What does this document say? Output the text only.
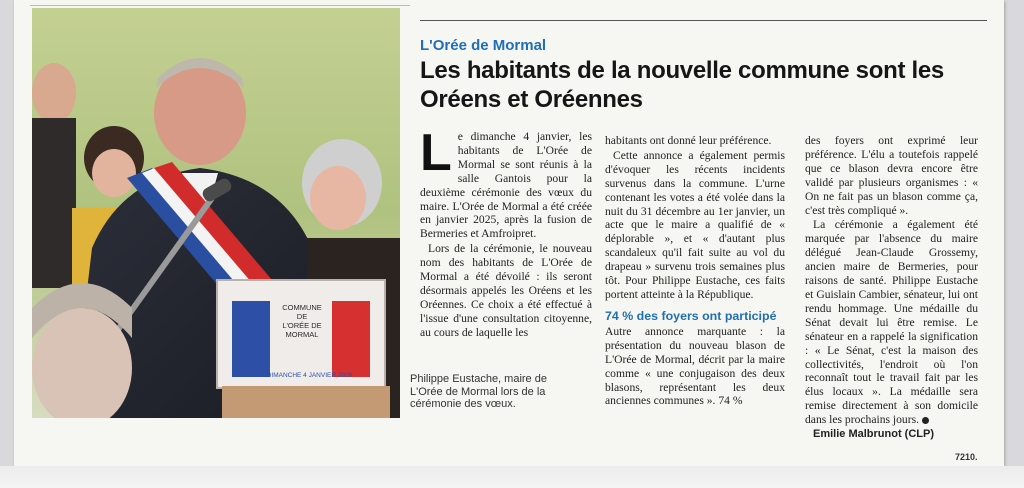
COMMUNE
DE
L'ORÉE DE
MORMAL
DIMANCHE 4 JANVIER 2026	Philippe Eustache, maire de L'Orée de Mormal lors de la cérémonie des vœux.
L'Orée de Mormal
Les habitants de la nouvelle commune sont les Oréens et Oréennes

Le dimanche 4 janvier, les habitants de L'Orée de Mormal se sont réunis à la salle Gantois pour la deuxième cérémonie des vœux du maire. L'Orée de Mormal a été créée en janvier 2025, après la fusion de Bermeries et Amfroipret.

Lors de la cérémonie, le nouveau nom des habitants de L'Orée de Mormal a été dévoilé : ils seront désormais appelés les Oréens et les Oréennes. Ce choix a été effectué à l'issue d'une consultation citoyenne, au cours de laquelle les

habitants ont donné leur préférence.

Cette annonce a également permis d'évoquer les récents incidents survenus dans la commune. L'urne contenant les votes a été volée dans la nuit du 31 décembre au 1er janvier, un acte que le maire a qualifié de « déplorable », et « d'autant plus scandaleux qu'il fait suite au vol du drapeau » survenu trois semaines plus tôt. Pour Philippe Eustache, ces faits portent atteinte à la République.

74 % des foyers ont participé

Autre annonce marquante : la présentation du nouveau blason de L'Orée de Mormal, décrit par la maire comme « une conjugaison des deux blasons, représentant les deux anciennes communes ». 74 %

des foyers ont exprimé leur préférence. L'élu a toutefois rappelé que ce blason devra encore être validé par plusieurs organismes : « On ne fait pas un blason comme ça, c'est très compliqué ».

La cérémonie a également été marquée par l'absence du maire délégué Jean-Claude Grossemy, ancien maire de Bermeries, pour raisons de santé. Philippe Eustache et Guislain Cambier, sénateur, lui ont rendu hommage. Une médaille du Sénat devait lui être remise. Le sénateur en a rappelé la signification : « Le Sénat, c'est la maison des collectivités, l'endroit où l'on reconnaît tout le travail fait par les élus locaux ». La médaille sera remise directement à son domicile dans les prochains jours.

Emilie Malbrunot (CLP)

7210.
